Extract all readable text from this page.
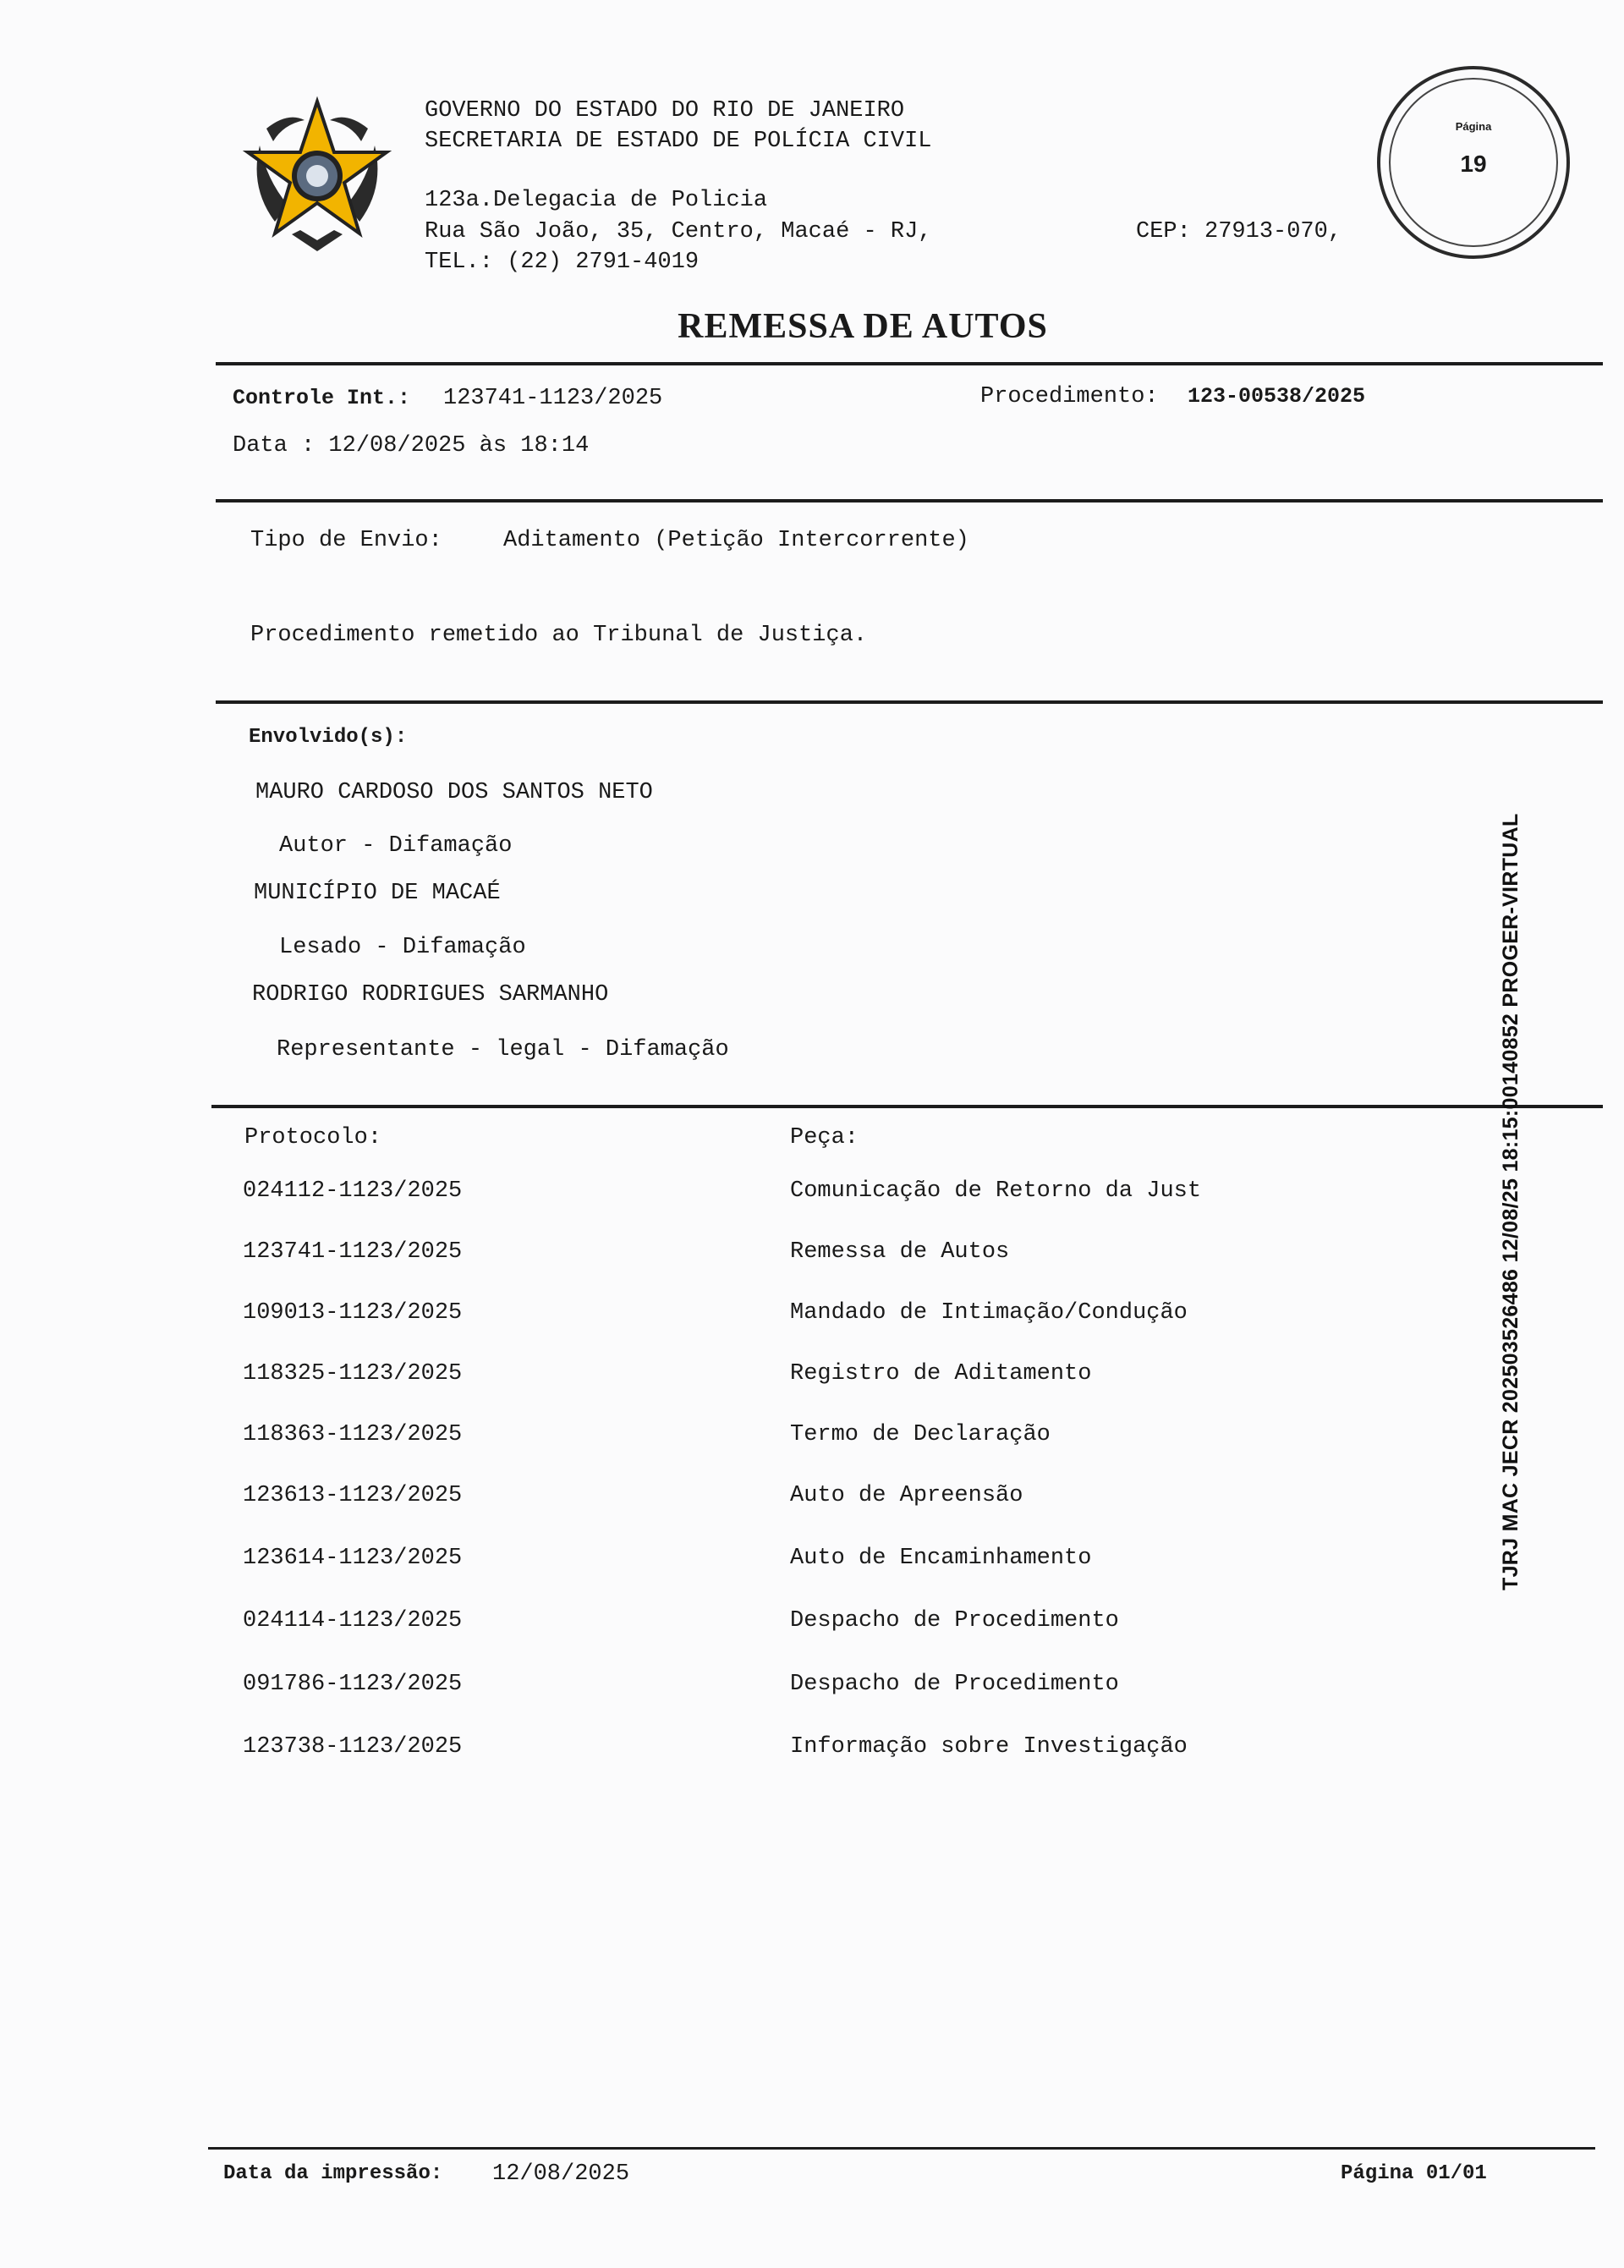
GOVERNO DO ESTADO DO RIO DE JANEIRO
SECRETARIA DE ESTADO DE POLÍCIA CIVIL
123a.Delegacia de Policia
Rua São João, 35, Centro, Macaé - RJ,	CEP: 27913-070,
TEL.: (22) 2791-4019
Página
19
REMESSA DE AUTOS
Controle Int.: 123741-1123/2025	Procedimento: 123-00538/2025
Data : 12/08/2025 às 18:14
Tipo de Envio:	Aditamento (Petição Intercorrente)
Procedimento remetido ao Tribunal de Justiça.
Envolvido(s):
MAURO CARDOSO DOS SANTOS NETO
Autor - Difamação
MUNICÍPIO DE MACAÉ
Lesado - Difamação
RODRIGO RODRIGUES SARMANHO
Representante - legal - Difamação
Protocolo:	Peça:
024112-1123/2025	Comunicação de Retorno da Just
123741-1123/2025	Remessa de Autos
109013-1123/2025	Mandado de Intimação/Condução
118325-1123/2025	Registro de Aditamento
118363-1123/2025	Termo de Declaração
123613-1123/2025	Auto de Apreensão
123614-1123/2025	Auto de Encaminhamento
024114-1123/2025	Despacho de Procedimento
091786-1123/2025	Despacho de Procedimento
123738-1123/2025	Informação sobre Investigação
TJRJ MAC JECR 202503526486 12/08/25 18:15:00140852 PROGER-VIRTUAL
Data da impressão: 12/08/2025	Página 01/01
